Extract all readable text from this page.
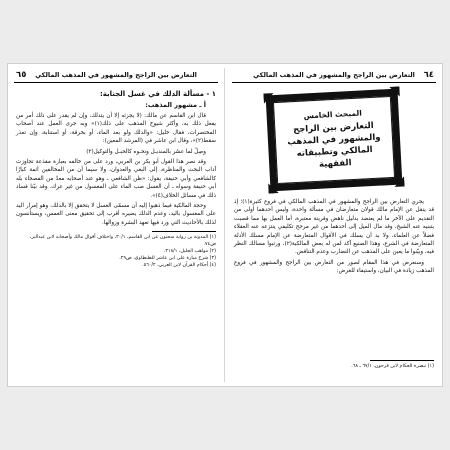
٦٥ التعارض بين الراجح والمشهور في المذهب المالكي
١ - مسألة الدلك في غسل الجنابة:
أ ـ مشهور المذهب:

قال ابن القاسم عن مالك: (لا يجزئه إلا أن يتدلك، وإن لم يقدر على ذلك أمر من يفعل ذلك به، وأكثر شيوخ المذهب على ذلك(١)» وبه جرى العمل عند أصحاب المختصرات، فقال خليل: «والدلك ولو بعد الماء، أو بخرقة، أو استنابة، وإن تعذر سقط(٢)»، وقال ابن عاشر في (المرشد المعين):

وصِلْ لما عسُر بالمنديـل ونحـوه كالحبـل والتوكيل(٣)

وقد نصر هذا القول أبو بكر بن العربي، ورد على من خالفه بعبارة مقذعة تجاوزت آداب البحث والمناظرة، إلى البغي والعدوان، ولا سيما أن من المخالفين أئمة كبارًا كالشافعي وأبي حنيفة، يقول: «ظن الشافعي ـ وهو عند أصحابه معدٌ من الفصحاء بله أبي حنيفة وسواه ـ أن الغسل صب الماء على المغسول من غير عرك، وقد بيّنا فساد ذلك في مسائل الخلاف(٤)».

وحجة المالكية فيما ذهبوا إليه أن مسمّى الغسل لا يتحقق إلا بالدلك، وهو إمرار اليد على المغسول باليد، وعدم الدلك يصيره أقرب إلى تحقيق معنى الغمس، ويستأنسون لذلك بالأحاديث التي ورد فيها تعهد البشرة وزوالها.

(١) المدونة بن رواية سحنون عن ابن القاسم، ٣٠/١، واختلاف أقوال مالك وأصحابه لابن عبدالبر، ص٧٤.

(٢) مواهب الجليل، ٣١٨/١.

(٣) شرح ميارة على ابن عاشر للطنطاوي، ص٢٩.

(٤) أحكام القرآن لابن العربي، ٥٦٠/٢.

٦٤
التعارض بين الراجح والمشهور في المذهب المالكي
المبحث الخامس
التعارض بين الراجح والمشهور في المذهب المالكي وتطبيقاته الفقهية

يجري التعارض بين الراجح والمشهور في المذهب المالكي في فروع كثيرة(١)؛ إذ قد ينقل عن الإمام مالك قولان متعارضان في مسألة واحدة، وليس أحدهما أولى من التقديم على الآخر ما لم يعتضد بدليل ناهض وقرينة معتبرة، أما العمل بها مما قصبت بتبنيه عنه الشيخ، وقد مال الميل إلى أحدهما من غير مرجح تكليفي ينتزعه عنه العقلاء فضلاً عن العلماء، ولا بد أن يسلك في الأقوال المتعارضة عن الإمام مسلك الأدلة المتعارضة في الشرع، وهذا الصنيع آكد لمن له بعض المالكية(٢)، ورتبوا مسالك النظر فيه، وبيّنوا ما يعين على المذهب عن التضارب وعدم التناقض.

وسنعرض في هذا المقام لصور من التعارض بين الراجح والمشهور في فروع المذهب زيادة في البيان، واستيفاء للغرض:

(١) تبصرة الحكام لابن فرحون، ٦٧/١ ـ ٦٨.
